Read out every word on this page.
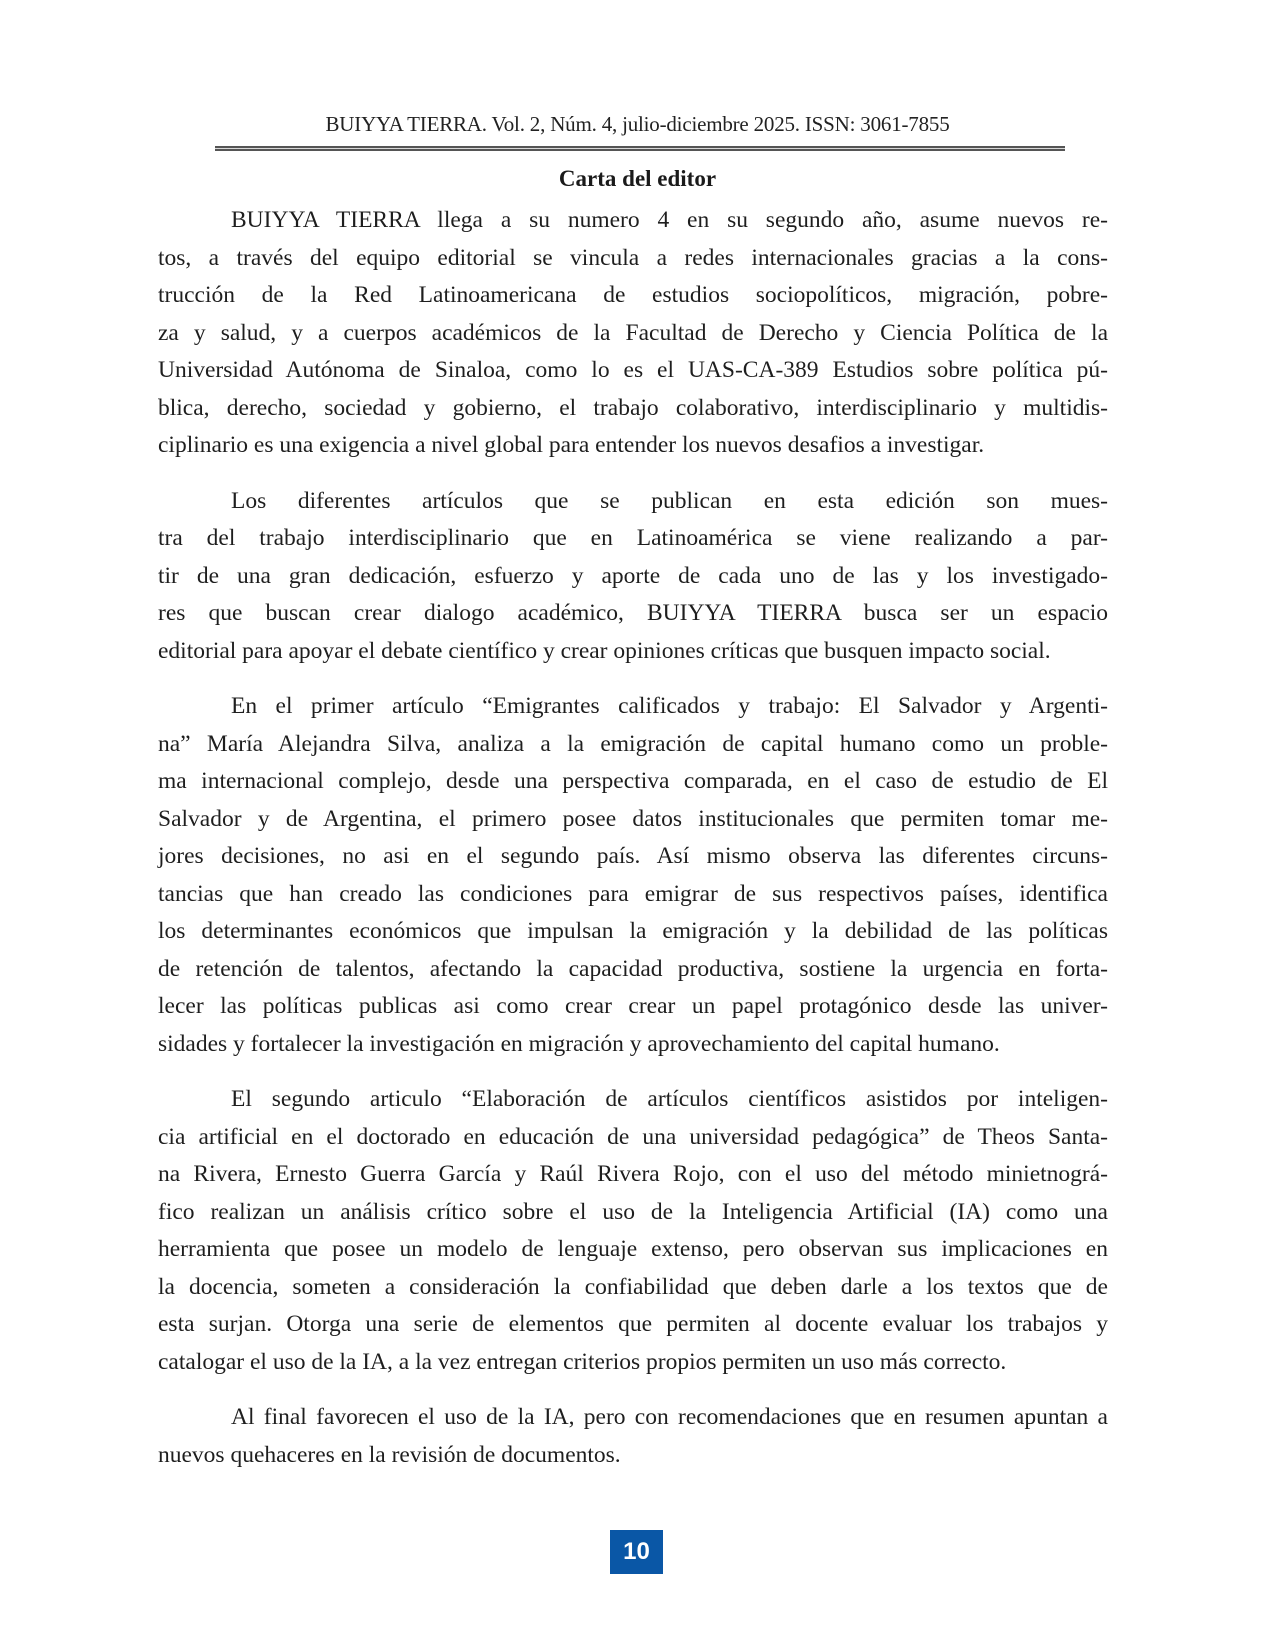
BUIYYA TIERRA. Vol. 2, Núm. 4, julio-diciembre 2025. ISSN: 3061-7855
Carta del editor
BUIYYA TIERRA llega a su numero 4 en su segundo año, asume nuevos re-
tos, a través del equipo editorial se vincula a redes internacionales gracias a la cons-
trucción de la Red Latinoamericana de estudios sociopolíticos, migración, pobre-
za y salud, y a cuerpos académicos de la Facultad de Derecho y Ciencia Política de la
Universidad Autónoma de Sinaloa, como lo es el UAS-CA-389 Estudios sobre política pú-
blica, derecho, sociedad y gobierno, el trabajo colaborativo, interdisciplinario y multidis-
ciplinario es una exigencia a nivel global para entender los nuevos desafios a investigar.
Los diferentes artículos que se publican en esta edición son mues-
tra del trabajo interdisciplinario que en Latinoamérica se viene realizando a par-
tir de una gran dedicación, esfuerzo y aporte de cada uno de las y los investigado-
res que buscan crear dialogo académico, BUIYYA TIERRA busca ser un espacio
editorial para apoyar el debate científico y crear opiniones críticas que busquen impacto social.
En el primer artículo “Emigrantes calificados y trabajo: El Salvador y Argenti-
na” María Alejandra Silva, analiza a la emigración de capital humano como un proble-
ma internacional complejo, desde una perspectiva comparada, en el caso de estudio de El
Salvador y de Argentina, el primero posee datos institucionales que permiten tomar me-
jores decisiones, no asi en el segundo país. Así mismo observa las diferentes circuns-
tancias que han creado las condiciones para emigrar de sus respectivos países, identifica
los determinantes económicos que impulsan la emigración y la debilidad de las políticas
de retención de talentos, afectando la capacidad productiva, sostiene la urgencia en forta-
lecer las políticas publicas asi como crear crear un papel protagónico desde las univer-
sidades y fortalecer la investigación en migración y aprovechamiento del capital humano.
El segundo articulo “Elaboración de artículos científicos asistidos por inteligen-
cia artificial en el doctorado en educación de una universidad pedagógica” de Theos Santa-
na Rivera, Ernesto Guerra García y Raúl Rivera Rojo, con el uso del método minietnográ-
fico realizan un análisis crítico sobre el uso de la Inteligencia Artificial (IA) como una
herramienta que posee un modelo de lenguaje extenso, pero observan sus implicaciones en
la docencia, someten a consideración la confiabilidad que deben darle a los textos que de
esta surjan. Otorga una serie de elementos que permiten al docente evaluar los trabajos y
catalogar el uso de la IA, a la vez entregan criterios propios permiten un uso más correcto.
Al final favorecen el uso de la IA, pero con recomendaciones que en resumen apuntan a
nuevos quehaceres en la revisión de documentos.
10
